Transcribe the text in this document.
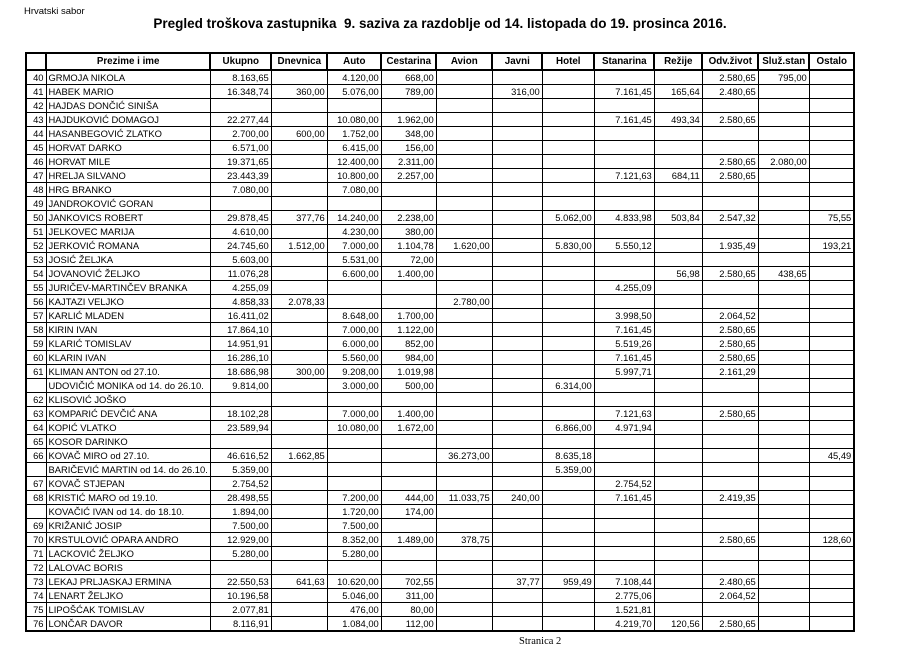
Hrvatski sabor
Pregled troškova zastupnika  9. saziva za razdoblje od 14. listopada do 19. prosinca 2016.
	Prezime i ime	Ukupno	Dnevnica	Auto	Cestarina	Avion	Javni	Hotel	Stanarina	Režije	Odv.život	Služ.stan	Ostalo
40	GRMOJA NIKOLA	8.163,65		4.120,00	668,00						2.580,65	795,00	
41	HABEK MARIO	16.348,74	360,00	5.076,00	789,00		316,00		7.161,45	165,64	2.480,65		
42	HAJDAS DONČIĆ SINIŠA												
43	HAJDUKOVIĆ DOMAGOJ	22.277,44		10.080,00	1.962,00				7.161,45	493,34	2.580,65		
44	HASANBEGOVIĆ ZLATKO	2.700,00	600,00	1.752,00	348,00								
45	HORVAT DARKO	6.571,00		6.415,00	156,00								
46	HORVAT MILE	19.371,65		12.400,00	2.311,00						2.580,65	2.080,00	
47	HRELJA SILVANO	23.443,39		10.800,00	2.257,00				7.121,63	684,11	2.580,65		
48	HRG BRANKO	7.080,00		7.080,00									
49	JANDROKOVIĆ GORAN												
50	JANKOVICS ROBERT	29.878,45	377,76	14.240,00	2.238,00			5.062,00	4.833,98	503,84	2.547,32		75,55
51	JELKOVEC MARIJA	4.610,00		4.230,00	380,00								
52	JERKOVIĆ ROMANA	24.745,60	1.512,00	7.000,00	1.104,78	1.620,00		5.830,00	5.550,12		1.935,49		193,21
53	JOSIĆ ŽELJKA	5.603,00		5.531,00	72,00								
54	JOVANOVIĆ ŽELJKO	11.076,28		6.600,00	1.400,00					56,98	2.580,65	438,65	
55	JURIČEV-MARTINČEV BRANKA	4.255,09							4.255,09				
56	KAJTAZI VELJKO	4.858,33	2.078,33			2.780,00							
57	KARLIĆ MLADEN	16.411,02		8.648,00	1.700,00				3.998,50		2.064,52		
58	KIRIN IVAN	17.864,10		7.000,00	1.122,00				7.161,45		2.580,65		
59	KLARIĆ TOMISLAV	14.951,91		6.000,00	852,00				5.519,26		2.580,65		
60	KLARIN IVAN	16.286,10		5.560,00	984,00				7.161,45		2.580,65		
61	KLIMAN ANTON od 27.10.	18.686,98	300,00	9.208,00	1.019,98				5.997,71		2.161,29		
	UDOVIČIĆ MONIKA od 14. do 26.10.	9.814,00		3.000,00	500,00			6.314,00					
62	KLISOVIĆ JOŠKO												
63	KOMPARIĆ DEVČIĆ ANA	18.102,28		7.000,00	1.400,00				7.121,63		2.580,65		
64	KOPIĆ VLATKO	23.589,94		10.080,00	1.672,00			6.866,00	4.971,94				
65	KOSOR DARINKO												
66	KOVAČ MIRO od 27.10.	46.616,52	1.662,85			36.273,00		8.635,18					45,49
	BARIČEVIĆ MARTIN od 14. do 26.10.	5.359,00						5.359,00					
67	KOVAČ STJEPAN	2.754,52							2.754,52				
68	KRISTIĆ MARO od 19.10.	28.498,55		7.200,00	444,00	11.033,75	240,00		7.161,45		2.419,35		
	KOVAČIĆ IVAN od 14. do 18.10.	1.894,00		1.720,00	174,00								
69	KRIŽANIĆ JOSIP	7.500,00		7.500,00									
70	KRSTULOVIĆ OPARA ANDRO	12.929,00		8.352,00	1.489,00	378,75					2.580,65		128,60
71	LACKOVIĆ ŽELJKO	5.280,00		5.280,00									
72	LALOVAC BORIS												
73	LEKAJ PRLJASKAJ ERMINA	22.550,53	641,63	10.620,00	702,55		37,77	959,49	7.108,44		2.480,65		
74	LENART ŽELJKO	10.196,58		5.046,00	311,00				2.775,06		2.064,52		
75	LIPOŠĆAK TOMISLAV	2.077,81		476,00	80,00				1.521,81				
76	LONČAR DAVOR	8.116,91		1.084,00	112,00				4.219,70	120,56	2.580,65		
Stranica 2
